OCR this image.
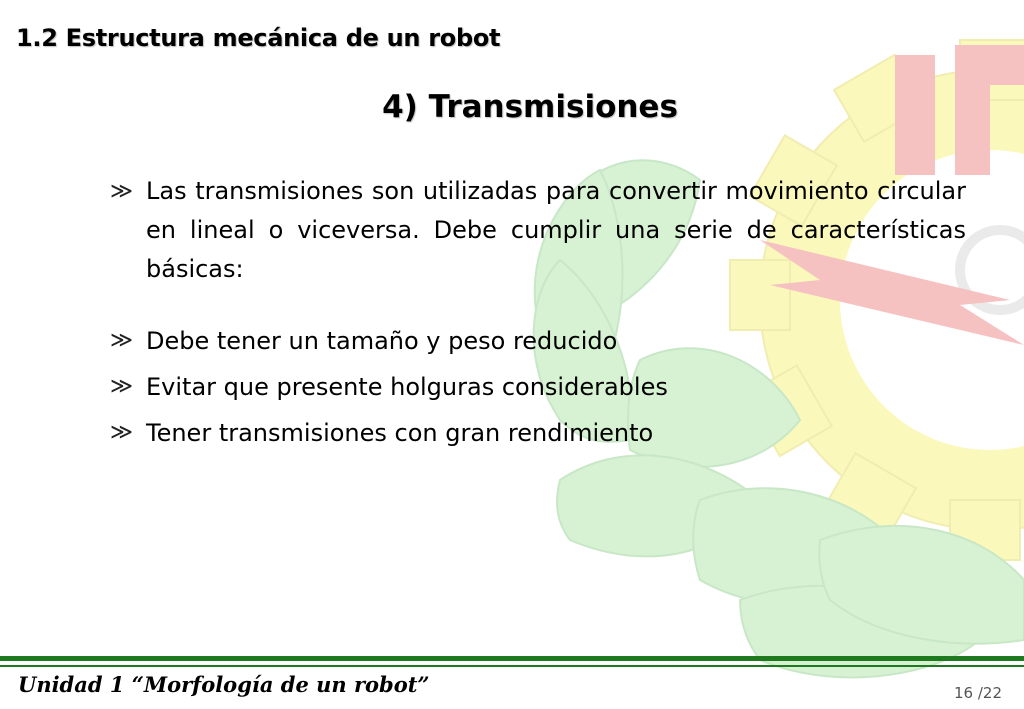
1.2 Estructura mecánica de un robot
4) Transmisiones
≫ Las transmisiones son utilizadas para convertir movimiento circular en lineal o viceversa. Debe cumplir una serie de características básicas:
≫ Debe tener un tamaño y peso reducido
≫ Evitar que presente holguras considerables
≫ Tener transmisiones con gran rendimiento
Unidad 1 “Morfología de un robot”	16 /22
